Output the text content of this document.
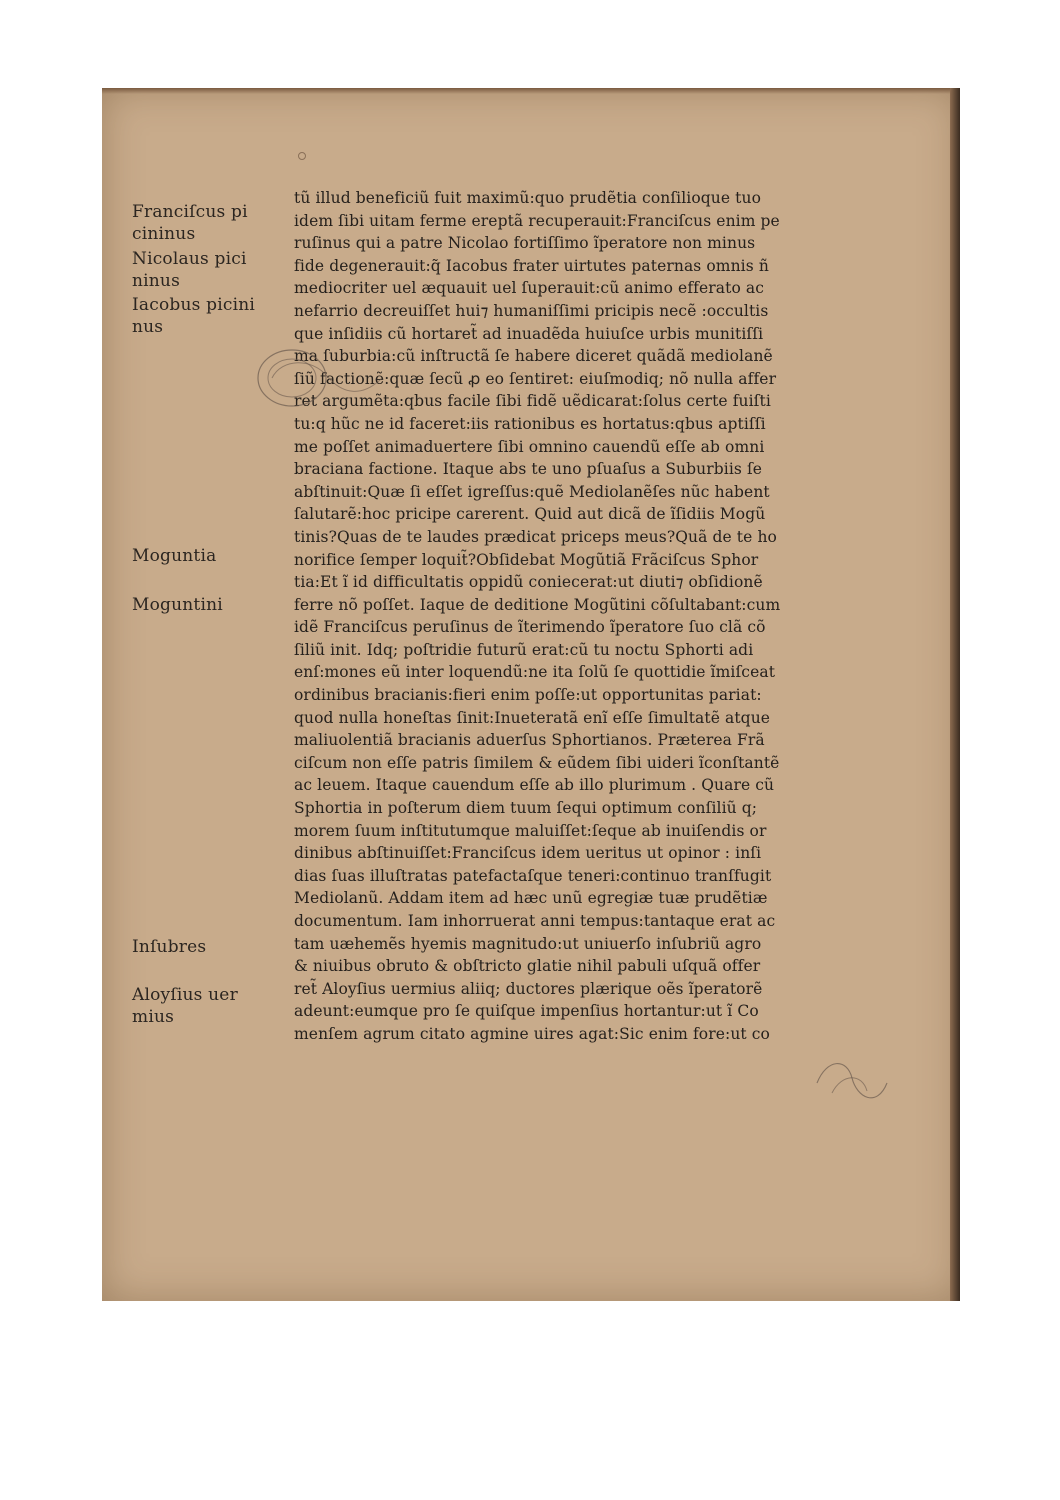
Franciſcus pi
cininus
Nicolaus pici
ninus
Iacobus picini
nus
Moguntia
Moguntini
Inſubres
Aloyſius uer
mius
tũ illud beneficiũ fuit maximũ:quo prudẽtia conſilioque tuo
idem ſibi uitam ferme ereptã recuperauit:Franciſcus enim pe
ruſinus qui a patre Nicolao fortiſſimo ĩperatore non minus
fide degenerauit:q̃ Iacobus frater uirtutes paternas omnis ñ
mediocriter uel æquauit uel ſuperauit:cũ animo efferato ac
nefarrio decreuiſſet hui⁊ humaniſſimi pricipis necẽ :occultis
que inſidiis cũ hortaret̃ ad inuadẽda huiuſce urbis munitiſſi
ma ſuburbia:cũ inſtructã ſe habere diceret quãdã mediolanẽ
ſiũ factionẽ:quæ ſecũ ꝓ eo ſentiret: eiuſmodiq; nõ nulla affer
ret argumẽta:qbus facile ſibi fidẽ uẽdicarat:ſolus certe fuiſti
tu:q hũc ne id faceret:iis rationibus es hortatus:qbus aptiſſi
me poſſet animaduertere ſibi omnino cauendũ eſſe ab omni
braciana factione. Itaque abs te uno pſuaſus a Suburbiis ſe
abſtinuit:Quæ ſi eſſet igreſſus:quẽ Mediolanẽſes nũc habent
ſalutarẽ:hoc pricipe carerent. Quid aut dicã de ĩſidiis Mogũ
tinis?Quas de te laudes prædicat priceps meus?Quã de te ho
norifice ſemper loquit̃?Obſidebat Mogũtiã Frãciſcus Sphor
tia:Et ĩ id difficultatis oppidũ coniecerat:ut diuti⁊ obſidionẽ
ferre nõ poſſet. Iaque de deditione Mogũtini cõſultabant:cum
idẽ Franciſcus peruſinus de ĩterimendo ĩperatore ſuo clã cõ
ſiliũ init. Idq; poſtridie futurũ erat:cũ tu noctu Sphorti adi
enſ:mones eũ inter loquendũ:ne ita ſolũ ſe quottidie ĩmiſceat
ordinibus bracianis:fieri enim poſſe:ut opportunitas pariat:
quod nulla honeſtas ſinit:Inueteratã enĩ eſſe ſimultatẽ atque
maliuolentiã bracianis aduerſus Sphortianos. Præterea Frã
ciſcum non eſſe patris ſimilem & eũdem ſibi uideri ĩconſtantẽ
ac leuem. Itaque cauendum eſſe ab illo plurimum . Quare cũ
Sphortia in poſterum diem tuum ſequi optimum conſiliũ q;
morem ſuum inſtitutumque maluiſſet:ſeque ab inuiſendis or
dinibus abſtinuiſſet:Franciſcus idem ueritus ut opinor : inſi
dias ſuas illuſtratas patefactaſque teneri:continuo tranſfugit
Mediolanũ. Addam item ad hæc unũ egregiæ tuæ prudẽtiæ
documentum. Iam inhorruerat anni tempus:tantaque erat ac
tam uæhemẽs hyemis magnitudo:ut uniuerſo inſubriũ agro
& niuibus obruto & obſtricto glatie nihil pabuli uſquã offer
ret̃ Aloyſius uermius aliiq; ductores plærique oẽs ĩperatorẽ
adeunt:eumque pro ſe quiſque impenſius hortantur:ut ĩ Co
menſem agrum citato agmine uires agat:Sic enim fore:ut co
